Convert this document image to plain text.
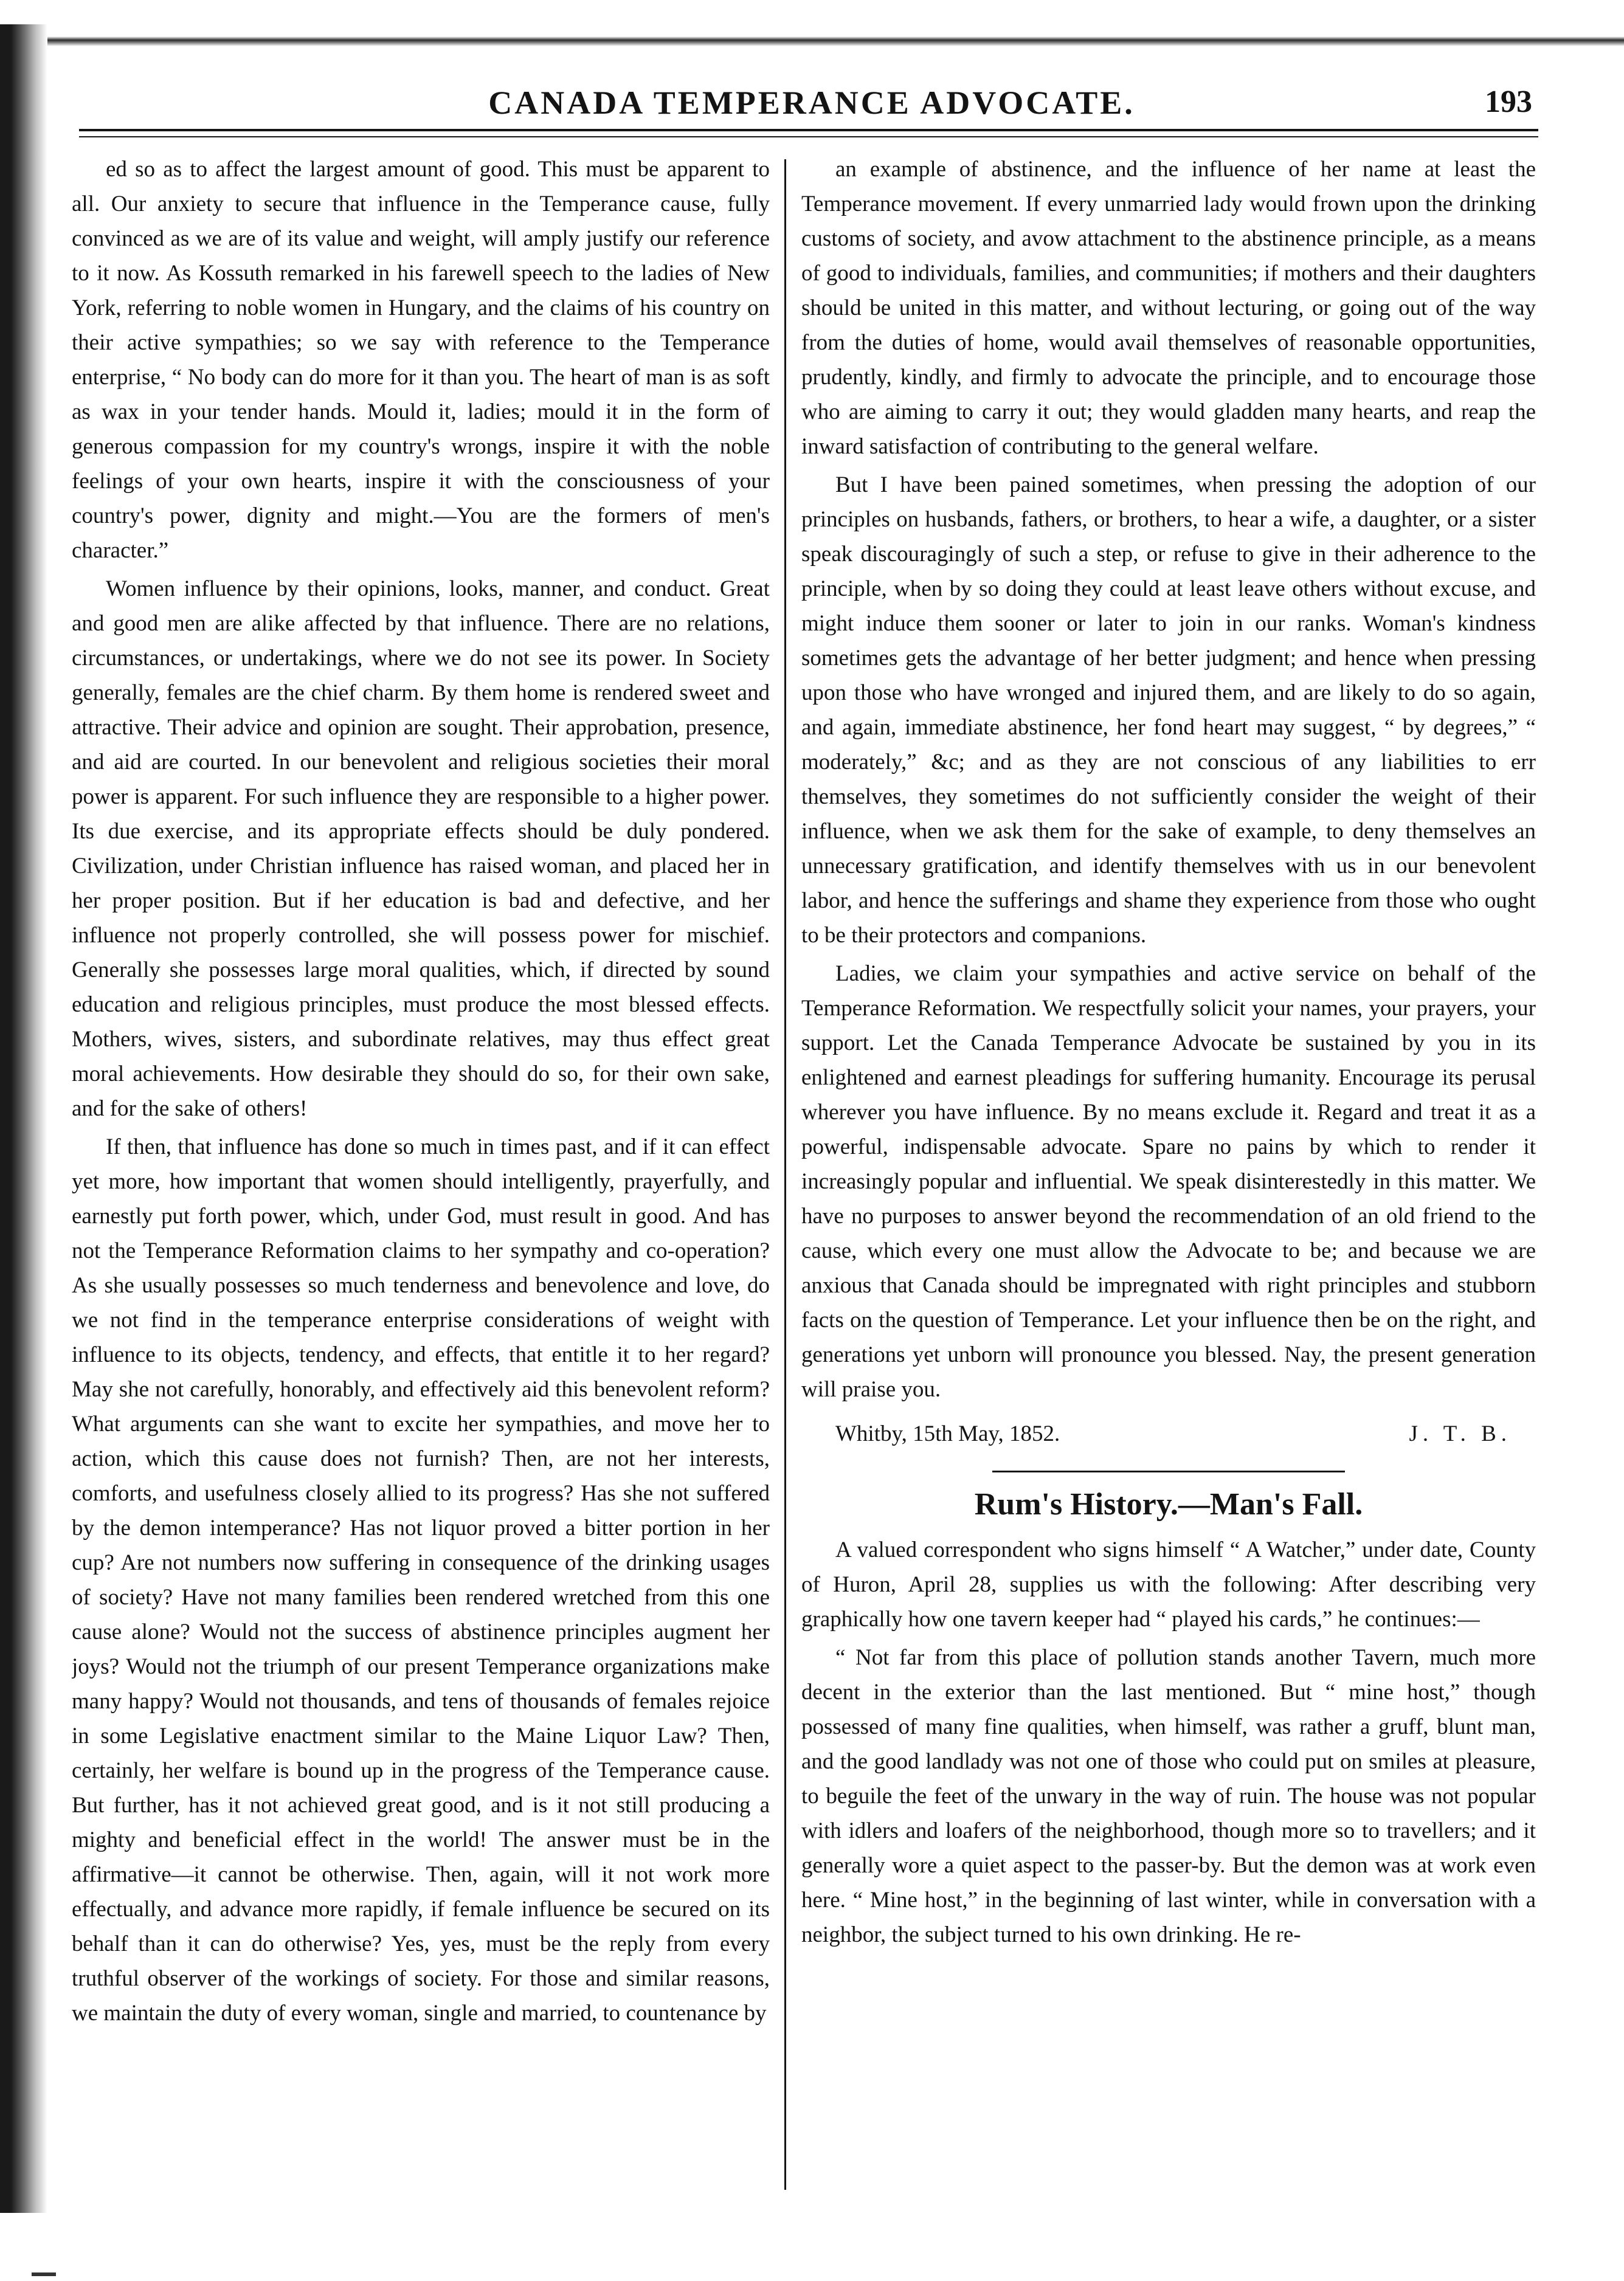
CANADA TEMPERANCE ADVOCATE.	193

ed so as to affect the largest amount of good. This must be apparent to all. Our anxiety to secure that influence in the Temperance cause, fully convinced as we are of its value and weight, will amply justify our reference to it now. As Kossuth remarked in his farewell speech to the ladies of New York, referring to noble women in Hungary, and the claims of his country on their active sympathies; so we say with reference to the Temperance enterprise, “ No body can do more for it than you. The heart of man is as soft as wax in your tender hands. Mould it, ladies; mould it in the form of generous compassion for my country's wrongs, inspire it with the noble feelings of your own hearts, inspire it with the consciousness of your country's power, dignity and might.—You are the formers of men's character.”

Women influence by their opinions, looks, manner, and conduct. Great and good men are alike affected by that influence. There are no relations, circumstances, or undertakings, where we do not see its power. In Society generally, females are the chief charm. By them home is rendered sweet and attractive. Their advice and opinion are sought. Their approbation, presence, and aid are courted. In our benevolent and religious societies their moral power is apparent. For such influence they are responsible to a higher power. Its due exercise, and its appropriate effects should be duly pondered. Civilization, under Christian influence has raised woman, and placed her in her proper position. But if her education is bad and defective, and her influence not properly controlled, she will possess power for mischief. Generally she possesses large moral qualities, which, if directed by sound education and religious principles, must produce the most blessed effects. Mothers, wives, sisters, and subordinate relatives, may thus effect great moral achievements. How desirable they should do so, for their own sake, and for the sake of others!

If then, that influence has done so much in times past, and if it can effect yet more, how important that women should intelligently, prayerfully, and earnestly put forth power, which, under God, must result in good. And has not the Temperance Reformation claims to her sympathy and co-operation? As she usually possesses so much tenderness and benevolence and love, do we not find in the temperance enterprise considerations of weight with influence to its objects, tendency, and effects, that entitle it to her regard? May she not carefully, honorably, and effectively aid this benevolent reform? What arguments can she want to excite her sympathies, and move her to action, which this cause does not furnish? Then, are not her interests, comforts, and usefulness closely allied to its progress? Has she not suffered by the demon intemperance? Has not liquor proved a bitter portion in her cup? Are not numbers now suffering in consequence of the drinking usages of society? Have not many families been rendered wretched from this one cause alone? Would not the success of abstinence principles augment her joys? Would not the triumph of our present Temperance organizations make many happy? Would not thousands, and tens of thousands of females rejoice in some Legislative enactment similar to the Maine Liquor Law? Then, certainly, her welfare is bound up in the progress of the Temperance cause. But further, has it not achieved great good, and is it not still producing a mighty and beneficial effect in the world! The answer must be in the affirmative—it cannot be otherwise. Then, again, will it not work more effectually, and advance more rapidly, if female influence be secured on its behalf than it can do otherwise? Yes, yes, must be the reply from every truthful observer of the workings of society. For those and similar reasons, we maintain the duty of every woman, single and married, to countenance by

an example of abstinence, and the influence of her name at least the Temperance movement. If every unmarried lady would frown upon the drinking customs of society, and avow attachment to the abstinence principle, as a means of good to individuals, families, and communities; if mothers and their daughters should be united in this matter, and without lecturing, or going out of the way from the duties of home, would avail themselves of reasonable opportunities, prudently, kindly, and firmly to advocate the principle, and to encourage those who are aiming to carry it out; they would gladden many hearts, and reap the inward satisfaction of contributing to the general welfare.

But I have been pained sometimes, when pressing the adoption of our principles on husbands, fathers, or brothers, to hear a wife, a daughter, or a sister speak discouragingly of such a step, or refuse to give in their adherence to the principle, when by so doing they could at least leave others without excuse, and might induce them sooner or later to join in our ranks. Woman's kindness sometimes gets the advantage of her better judgment; and hence when pressing upon those who have wronged and injured them, and are likely to do so again, and again, immediate abstinence, her fond heart may suggest, “ by degrees,” “ moderately,” &c; and as they are not conscious of any liabilities to err themselves, they sometimes do not sufficiently consider the weight of their influence, when we ask them for the sake of example, to deny themselves an unnecessary gratification, and identify themselves with us in our benevolent labor, and hence the sufferings and shame they experience from those who ought to be their protectors and companions.

Ladies, we claim your sympathies and active service on behalf of the Temperance Reformation. We respectfully solicit your names, your prayers, your support. Let the Canada Temperance Advocate be sustained by you in its enlightened and earnest pleadings for suffering humanity. Encourage its perusal wherever you have influence. By no means exclude it. Regard and treat it as a powerful, indispensable advocate. Spare no pains by which to render it increasingly popular and influential. We speak disinterestedly in this matter. We have no purposes to answer beyond the recommendation of an old friend to the cause, which every one must allow the Advocate to be; and because we are anxious that Canada should be impregnated with right principles and stubborn facts on the question of Temperance. Let your influence then be on the right, and generations yet unborn will pronounce you blessed. Nay, the present generation will praise you.

Whitby, 15th May, 1852.	J. T. B.
Rum's History.—Man's Fall.

A valued correspondent who signs himself “ A Watcher,” under date, County of Huron, April 28, supplies us with the following: After describing very graphically how one tavern keeper had “ played his cards,” he continues:—

“ Not far from this place of pollution stands another Tavern, much more decent in the exterior than the last mentioned. But “ mine host,” though possessed of many fine qualities, when himself, was rather a gruff, blunt man, and the good landlady was not one of those who could put on smiles at pleasure, to beguile the feet of the unwary in the way of ruin. The house was not popular with idlers and loafers of the neighborhood, though more so to travellers; and it generally wore a quiet aspect to the passer-by. But the demon was at work even here. “ Mine host,” in the beginning of last winter, while in conversation with a neighbor, the subject turned to his own drinking. He re-
